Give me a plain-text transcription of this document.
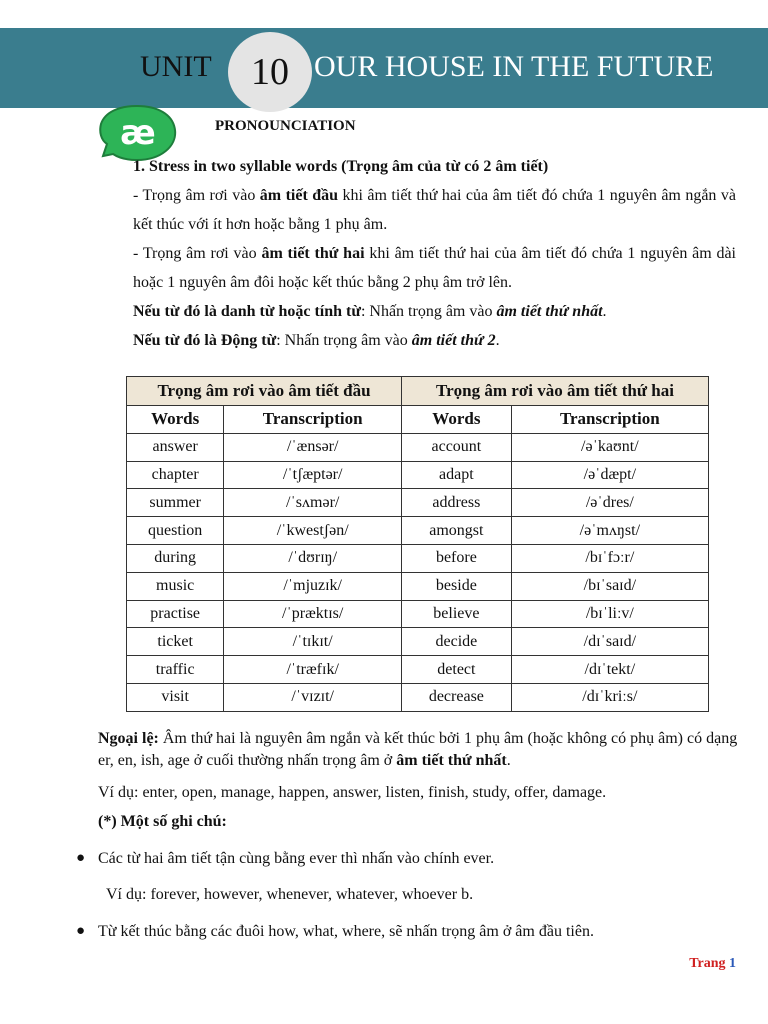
UNIT	10 OUR HOUSE IN THE FUTURE
æ	PRONOUNCIATION

1. Stress in two syllable words (Trọng âm của từ có 2 âm tiết)

- Trọng âm rơi vào âm tiết đầu khi âm tiết thứ hai của âm tiết đó chứa 1 nguyên âm ngắn và kết thúc với ít hơn hoặc bằng 1 phụ âm.

- Trọng âm rơi vào âm tiết thứ hai khi âm tiết thứ hai của âm tiết đó chứa 1 nguyên âm dài hoặc 1 nguyên âm đôi hoặc kết thúc bằng 2 phụ âm trở lên.

Nếu từ đó là danh từ hoặc tính từ: Nhấn trọng âm vào âm tiết thứ nhất.

Nếu từ đó là Động từ: Nhấn trọng âm vào âm tiết thứ 2.

Trọng âm rơi vào âm tiết đầu		Trọng âm rơi vào âm tiết thứ hai	
Words	Transcription	Words	Transcription
answer	/ˈænsər/	account	/əˈkaʊnt/
chapter	/ˈtʃæptər/	adapt	/əˈdæpt/
summer	/ˈsʌmər/	address	/əˈdres/
question	/ˈkwestʃən/	amongst	/əˈmʌŋst/
during	/ˈdʊrɪŋ/	before	/bɪˈfɔːr/
music	/ˈmjuzɪk/	beside	/bɪˈsaɪd/
practise	/ˈpræktɪs/	believe	/bɪˈliːv/
ticket	/ˈtɪkɪt/	decide	/dɪˈsaɪd/
traffic	/ˈtræfɪk/	detect	/dɪˈtekt/
visit	/ˈvɪzɪt/	decrease	/dɪˈkriːs/

Ngoại lệ: Âm thứ hai là nguyên âm ngắn và kết thúc bởi 1 phụ âm (hoặc không có phụ âm) có dạng er, en, ish, age ở cuối thường nhấn trọng âm ở âm tiết thứ nhất.

Ví dụ: enter, open, manage, happen, answer, listen, finish, study, offer, damage.
(*) Một số ghi chú:
● Các từ hai âm tiết tận cùng bằng ever thì nhấn vào chính ever.
Ví dụ: forever, however, whenever, whatever, whoever b.
● Từ kết thúc bằng các đuôi how, what, where, sẽ nhấn trọng âm ở âm đầu tiên.
Trang 1
